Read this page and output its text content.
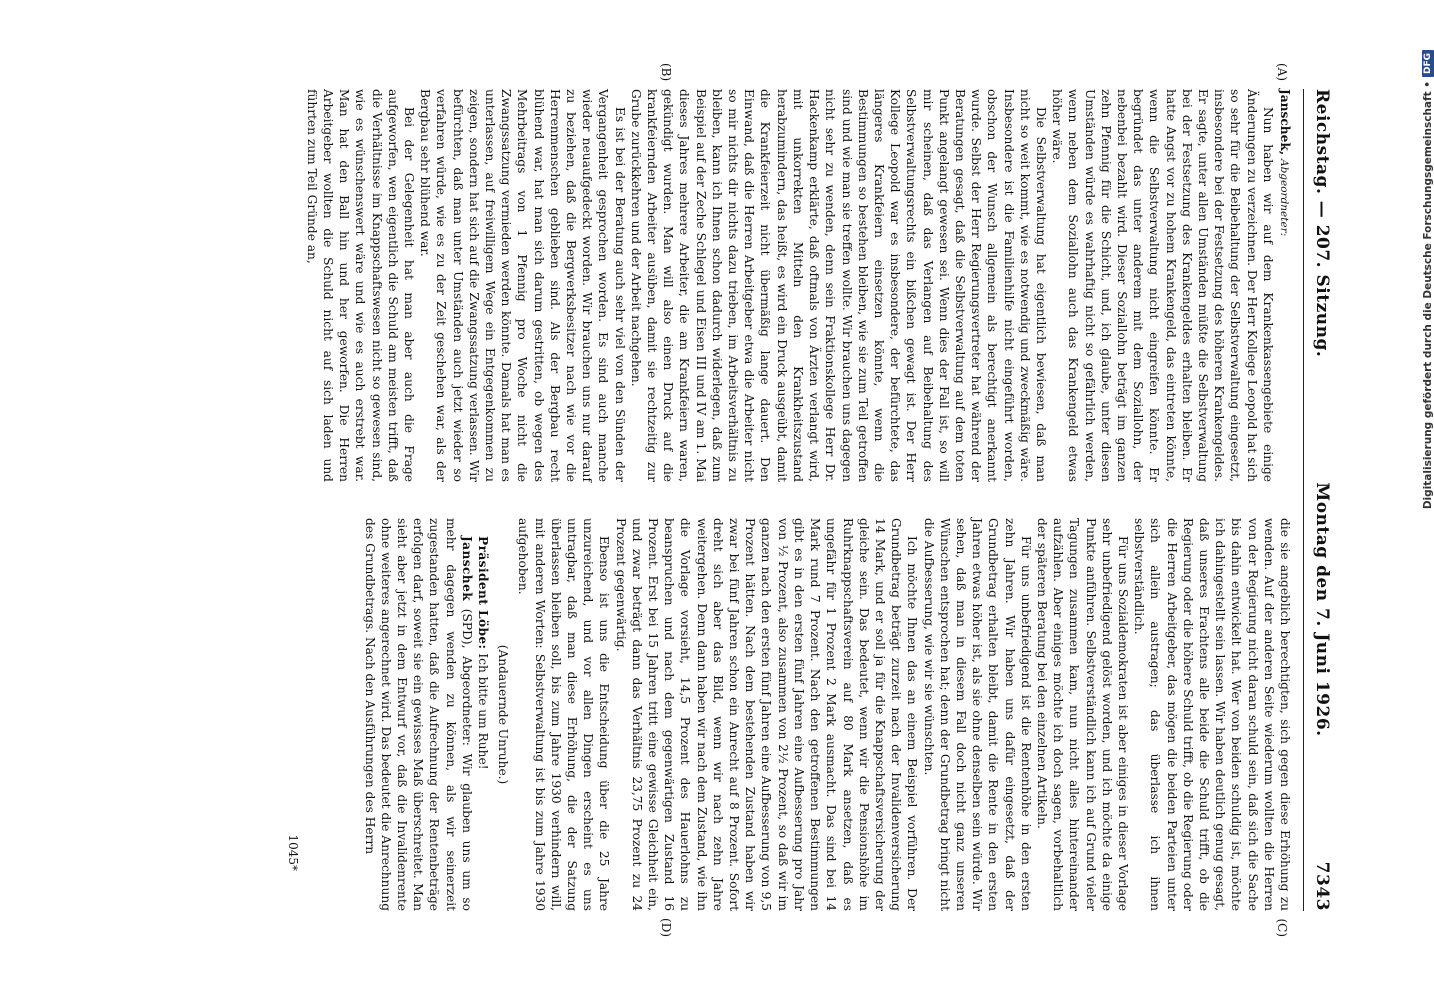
Reichstag. — 207. Sitzung.
Montag den 7. Juni 1926.
7343
(A)
(B)
(C)
(D)

Janschek, Abgeordneter:

Nun haben wir auf dem Krankenkassengebiete einige Änderungen zu verzeichnen. Der Herr Kollege Leopold hat sich so sehr für die Beibehaltung der Selbstverwaltung eingesetzt, insbesondere bei der Festsetzung des höheren Krankengeldes. Er sagte, unter allen Umständen müßte die Selbstverwaltung bei der Festsetzung des Krankengeldes erhalten bleiben. Er hatte Angst vor zu hohem Krankengeld, das eintreten könnte, wenn die Selbstverwaltung nicht eingreifen könnte. Er begründet das unter anderem mit dem Soziallohn, der nebenbei bezahlt wird. Dieser Soziallohn beträgt im ganzen zehn Pfennig für die Schicht, und, ich glaube, unter diesen Umständen würde es wahrhaftig nicht so gefährlich werden, wenn neben dem Soziallohn auch das Krankengeld etwas höher wäre.

Die Selbstverwaltung hat eigentlich bewiesen, daß man nicht so weit kommt, wie es notwendig und zweckmäßig wäre. Insbesondere ist die Familienhilfe nicht eingeführt worden, obschon der Wunsch allgemein als berechtigt anerkannt wurde. Selbst der Herr Regierungsvertreter hat während der Beratungen gesagt, daß die Selbstverwaltung auf dem toten Punkt angelangt gewesen sei. Wenn dies der Fall ist, so will mir scheinen, daß das Verlangen auf Beibehaltung des Selbstverwaltungsrechts ein bißchen gewagt ist. Der Herr Kollege Leopold war es insbesondere, der befürchtete, das längeres Krankfeiern einsetzen könnte, wenn die Bestimmungen so bestehen bleiben, wie sie zum Teil getroffen sind und wie man sie treffen wollte. Wir brauchen uns dagegen nicht sehr zu wenden, denn sein Fraktionskollege Herr Dr. Hackenkamp erklärte, daß oftmals von Ärzten verlangt wird, mit unkorrekten Mitteln den Krankheitszustand herabzumindern, das heißt, es wird ein Druck ausgeübt, damit die Krankfeierzeit nicht übermäßig lange dauert. Den Einwand, daß die Herren Arbeitgeber etwa die Arbeiter nicht so mir nichts dir nichts dazu trieben, im Arbeitsverhältnis zu bleiben, kann ich Ihnen schon dadurch widerlegen, daß zum Beispiel auf der Zeche Schlegel und Eisen III und IV am 1. Mai dieses Jahres mehrere Arbeiter, die am Krankfeiern waren, gekündigt wurden. Man will also einen Druck auf die krankfeiernden Arbeiter ausüben, damit sie rechtzeitig zur Grube zurückkehren und der Arbeit nachgehen.

Es ist bei der Beratung auch sehr viel von den Sünden der Vergangenheit gesprochen worden. Es sind auch manche wieder neuaufgedeckt worden. Wir brauchen uns nur darauf zu beziehen, daß die Bergwerksbesitzer nach wie vor die Herrenmenschen geblieben sind. Als der Bergbau recht blühend war, hat man sich darum gestritten, ob wegen des Mehrbeitrags von 1 Pfennig pro Woche nicht die Zwangssatzung vermieden werden könnte. Damals hat man es unterlassen, auf freiwilligem Wege ein Entgegenkommen zu zeigen, sondern hat sich auf die Zwangssatzung verlassen. Wir befürchten, daß man unter Umständen auch jetzt wieder so verfahren würde, wie es zu der Zeit geschehen war, als der Bergbau sehr blühend war.

Bei der Gelegenheit hat man aber auch die Frage aufgeworfen, wen eigentlich die Schuld am meisten trifft, daß die Verhältnisse im Knappschaftswesen nicht so gewesen sind, wie es wünschenswert wäre und wie es auch erstrebt war. Man hat den Ball hin und her geworfen. Die Herren Arbeitgeber wollten die Schuld nicht auf sich laden und führten zum Teil Gründe an,

die sie angeblich berechtigten, sich gegen diese Erhöhung zu wenden. Auf der anderen Seite wiederum wollten die Herren von der Regierung nicht daran schuld sein, daß sich die Sache bis dahin entwickelt hat. Wer von beiden schuldig ist, möchte ich dahingestellt sein lassen. Wir haben deutlich genug gesagt, daß unseres Erachtens alle beide die Schuld trifft, ob die Regierung oder die höhere Schuld trifft, ob die Regierung oder die Herren Arbeitgeber, das mögen die beiden Parteien unter sich allein austragen; das überlasse ich ihnen selbstverständlich.

Für uns Sozialdemokraten ist aber einiges in dieser Vorlage sehr unbefriedigend gelöst worden, und ich möchte da einige Punkte anführen. Selbstverständlich kann ich auf Grund vieler Tagungen zusammen kam, nun nicht alles hintereinander aufzählen. Aber einiges möchte ich doch sagen, vorbehaltlich der späteren Beratung bei den einzelnen Artikeln.

Für uns unbefriedigend ist die Rentenhöhe in den ersten zehn Jahren. Wir haben uns dafür eingesetzt, daß der Grundbetrag erhalten bleibt, damit die Rente in den ersten Jahren etwas höher ist, als sie ohne denselben sein würde. Wir sehen, daß man in diesem Fall doch nicht ganz unseren Wünschen entsprochen hat; denn der Grundbetrag bringt nicht die Aufbesserung, wie wir sie wünschten.

Ich möchte Ihnen das an einem Beispiel vorführen. Der Grundbetrag beträgt zurzeit nach der Invalidenversicherung 14 Mark, und er soll ja für die Knappschaftsversicherung der gleiche sein. Das bedeutet, wenn wir die Pensionshöhe im Ruhrknappschaftsverein auf 80 Mark ansetzen, daß es ungefähr für 1 Prozent 2 Mark ausmacht. Das sind bei 14 Mark rund 7 Prozent. Nach den getroffenen Bestimmungen gibt es in den ersten fünf Jahren eine Aufbesserung pro Jahr von ½ Prozent, also zusammen von 2½ Prozent, so daß wir im ganzen nach den ersten fünf Jahren eine Aufbesserung von 9,5 Prozent hätten. Nach dem bestehenden Zustand haben wir zwar bei fünf Jahren schon ein Anrecht auf 8 Prozent. Sofort dreht sich aber das Bild, wenn wir nach zehn Jahre weitergehen. Denn dann haben wir nach dem Zustand, wie ihn die Vorlage vorsieht, 14,5 Prozent des Hauerlohns zu beanspruchen und nach dem gegenwärtigen Zustand 16 Prozent. Erst bei 15 Jahren tritt eine gewisse Gleichheit ein, und zwar beträgt dann das Verhältnis 23,75 Prozent zu 24 Prozent gegenwärtig.

Ebenso ist uns die Entscheidung über die 25 Jahre unzureichend, und vor allen Dingen erscheint es uns untragbar, daß man diese Erhöhung, die der Satzung überlassen bleiben soll, bis zum Jahre 1930 verhindern will, mit anderen Worten: Selbstverwaltung ist bis zum Jahre 1930 aufgehoben.

(Andauernde Unruhe.)

Präsident Löbe: Ich bitte um Ruhe!

Janschek (SPD), Abgeordneter: Wir glauben uns um so mehr dagegen wenden zu können, als wir seinerzeit zugestanden hatten, daß die Aufrechnung der Rentenbeträge erfolgen darf, soweit sie ein gewisses Maß überschreitet. Man sieht aber jetzt in dem Entwurf vor, daß die Invalidenrente ohne weiteres angerechnet wird. Das bedeutet die Anrechnung des Grundbetrags. Nach den Ausführungen des Herrn

1045*
Digitalisierung gefördert durch die Deutsche Forschungsgemeinschaft •
DFG
